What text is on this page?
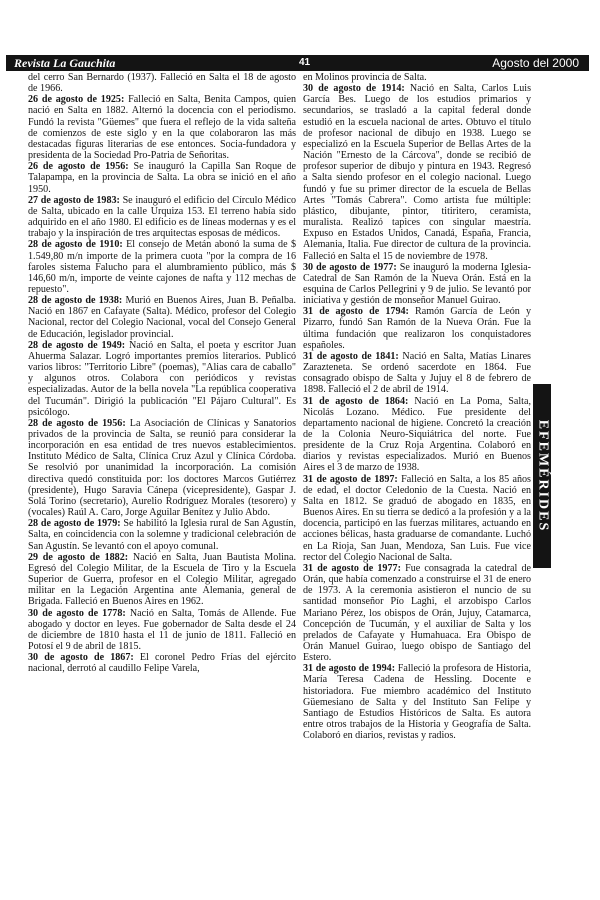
Revista La Gauchita	41	Agosto del 2000

del cerro San Bernardo (1937). Falleció en Salta el 18 de agosto de 1966.

26 de agosto de 1925: Falleció en Salta, Benita Campos, quien nació en Salta en 1882. Alternó la docencia con el periodismo. Fundó la revista "Güemes" que fuera el reflejo de la vida salteña de comienzos de este siglo y en la que colaboraron las más destacadas figuras literarias de ese entonces. Socia-fundadora y presidenta de la Sociedad Pro-Patria de Señoritas.

26 de agosto de 1956: Se inauguró la Capilla San Roque de Talapampa, en la provincia de Salta. La obra se inició en el año 1950.

27 de agosto de 1983: Se inauguró el edificio del Círculo Médico de Salta, ubicado en la calle Urquiza 153. El terreno había sido adquirido en el año 1980. El edificio es de líneas modernas y es el trabajo y la inspiración de tres arquitectas esposas de médicos.

28 de agosto de 1910: El consejo de Metán abonó la suma de $ 1.549,80 m/n importe de la primera cuota "por la compra de 16 faroles sistema Falucho para el alumbramiento público, más $ 146,60 m/n, importe de veinte cajones de nafta y 112 mechas de repuesto".

28 de agosto de 1938: Murió en Buenos Aires, Juan B. Peñalba. Nació en 1867 en Cafayate (Salta). Médico, profesor del Colegio Nacional, rector del Colegio Nacional, vocal del Consejo General de Educación, legislador provincial.

28 de agosto de 1949: Nació en Salta, el poeta y escritor Juan Ahuerma Salazar. Logró importantes premios literarios. Publicó varios libros: "Territorio Libre" (poemas), "Alias cara de caballo" y algunos otros. Colabora con periódicos y revistas especializadas. Autor de la bella novela "La república cooperativa del Tucumán". Dirigió la publicación "El Pájaro Cultural". Es psicólogo.

28 de agosto de 1956: La Asociación de Clínicas y Sanatorios privados de la provincia de Salta, se reunió para considerar la incorporación en esa entidad de tres nuevos establecimientos. Instituto Médico de Salta, Clínica Cruz Azul y Clínica Córdoba. Se resolvió por unanimidad la incorporación. La comisión directiva quedó constituida por: los doctores Marcos Gutiérrez (presidente), Hugo Saravia Cánepa (vicepresidente), Gaspar J. Solá Torino (secretario), Aurelio Rodríguez Morales (tesorero) y (vocales) Raúl A. Caro, Jorge Aguilar Benítez y Julio Abdo.

28 de agosto de 1979: Se habilitó la Iglesia rural de San Agustín, Salta, en coincidencia con la solemne y tradicional celebración de San Agustín. Se levantó con el apoyo comunal.

29 de agosto de 1882: Nació en Salta, Juan Bautista Molina. Egresó del Colegio Militar, de la Escuela de Tiro y la Escuela Superior de Guerra, profesor en el Colegio Militar, agregado militar en la Legación Argentina ante Alemania, general de Brigada. Falleció en Buenos Aires en 1962.

30 de agosto de 1778: Nació en Salta, Tomás de Allende. Fue abogado y doctor en leyes. Fue gobernador de Salta desde el 24 de diciembre de 1810 hasta el 11 de junio de 1811. Falleció en Potosí el 9 de abril de 1815.

30 de agosto de 1867: El coronel Pedro Frías del ejército nacional, derrotó al caudillo Felipe Varela,

en Molinos provincia de Salta.

30 de agosto de 1914: Nació en Salta, Carlos Luis García Bes. Luego de los estudios primarios y secundarios, se trasladó a la capital federal donde estudió en la escuela nacional de artes. Obtuvo el título de profesor nacional de dibujo en 1938. Luego se especializó en la Escuela Superior de Bellas Artes de la Nación "Ernesto de la Cárcova", donde se recibió de profesor superior de dibujo y pintura en 1943. Regresó a Salta siendo profesor en el colegio nacional. Luego fundó y fue su primer director de la escuela de Bellas Artes "Tomás Cabrera". Como artista fue múltiple: plástico, dibujante, pintor, titiritero, ceramista, muralista. Realizó tapices con singular maestría. Expuso en Estados Unidos, Canadá, España, Francia, Alemania, Italia. Fue director de cultura de la provincia. Falleció en Salta el 15 de noviembre de 1978.

30 de agosto de 1977: Se inauguró la moderna Iglesia-Catedral de San Ramón de la Nueva Orán. Está en la esquina de Carlos Pellegrini y 9 de julio. Se levantó por iniciativa y gestión de monseñor Manuel Guirao.

31 de agosto de 1794: Ramón García de León y Pizarro, fundó San Ramón de la Nueva Orán. Fue la última fundación que realizaron los conquistadores españoles.

31 de agosto de 1841: Nació en Salta, Matías Linares Zarazteneta. Se ordenó sacerdote en 1864. Fue consagrado obispo de Salta y Jujuy el 8 de febrero de 1898. Falleció el 2 de abril de 1914.

31 de agosto de 1864: Nació en La Poma, Salta, Nicolás Lozano. Médico. Fue presidente del departamento nacional de higiene. Concretó la creación de la Colonia Neuro-Siquiátrica del norte. Fue presidente de la Cruz Roja Argentina. Colaboró en diarios y revistas especializados. Murió en Buenos Aires el 3 de marzo de 1938.

31 de agosto de 1897: Falleció en Salta, a los 85 años de edad, el doctor Celedonio de la Cuesta. Nació en Salta en 1812. Se graduó de abogado en 1835, en Buenos Aires. En su tierra se dedicó a la profesión y a la docencia, participó en las fuerzas militares, actuando en acciones bélicas, hasta graduarse de comandante. Luchó en La Rioja, San Juan, Mendoza, San Luis. Fue vice rector del Colegio Nacional de Salta.

31 de agosto de 1977: Fue consagrada la catedral de Orán, que había comenzado a construirse el 31 de enero de 1973. A la ceremonia asistieron el nuncio de su santidad monseñor Pío Laghi, el arzobispo Carlos Mariano Pérez, los obispos de Orán, Jujuy, Catamarca, Concepción de Tucumán, y el auxiliar de Salta y los prelados de Cafayate y Humahuaca. Era Obispo de Orán Manuel Guirao, luego obispo de Santiago del Estero.

31 de agosto de 1994: Falleció la profesora de Historia, María Teresa Cadena de Hessling. Docente e historiadora. Fue miembro académico del Instituto Güemesiano de Salta y del Instituto San Felipe y Santiago de Estudios Históricos de Salta. Es autora entre otros trabajos de la Historia y Geografía de Salta. Colaboró en diarios, revistas y radios.

EFEMÉRIDES
